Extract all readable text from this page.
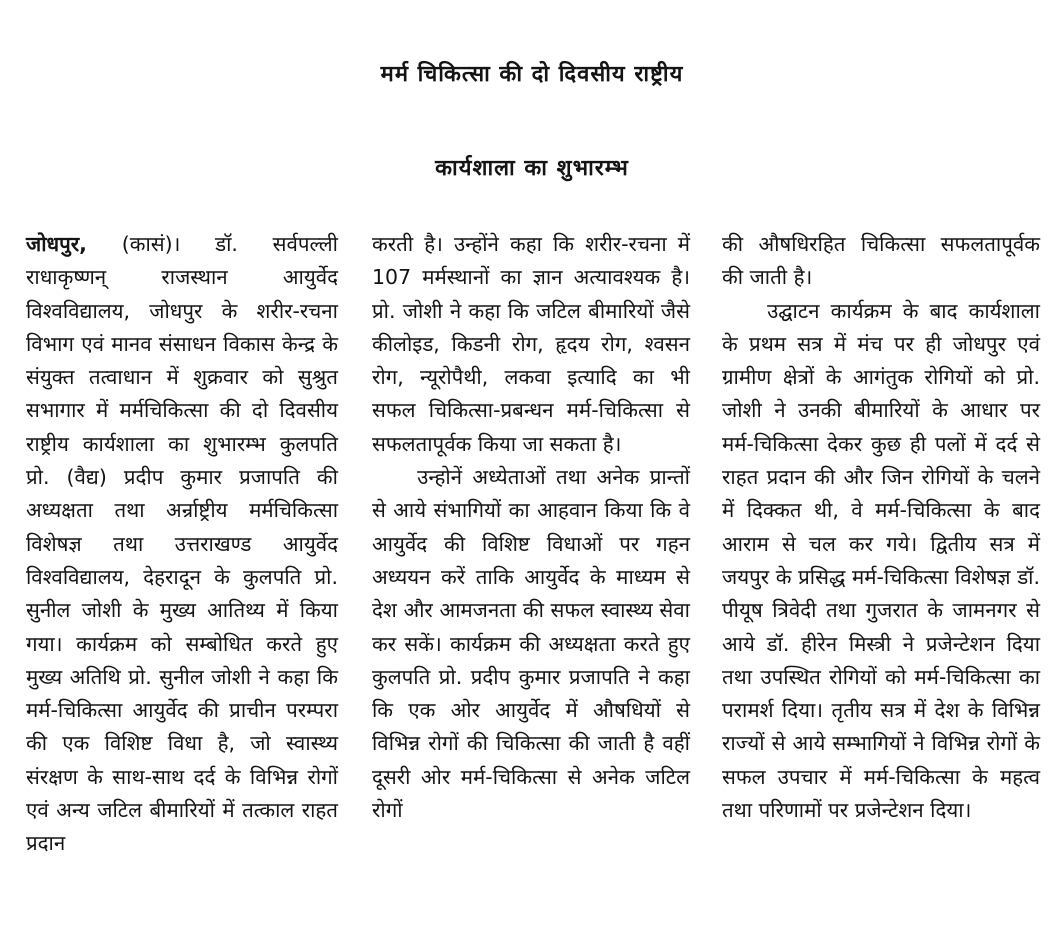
मर्म चिकित्सा की दो दिवसीय राष्ट्रीय
कार्यशाला का शुभारम्भ

जोधपुर, (कासं)। डॉ. सर्वपल्ली राधाकृष्णन् राजस्थान आयुर्वेद विश्वविद्यालय, जोधपुर के शरीर-रचना विभाग एवं मानव संसाधन विकास केन्द्र के संयुक्त तत्वाधान में शुक्रवार को सुश्रुत सभागार में मर्मचिकित्सा की दो दिवसीय राष्ट्रीय कार्यशाला का शुभारम्भ कुलपति प्रो. (वैद्य) प्रदीप कुमार प्रजापति की अध्यक्षता तथा अर्न्राष्ट्रीय मर्मचिकित्सा विशेषज्ञ तथा उत्तराखण्ड आयुर्वेद विश्वविद्यालय, देहरादून के कुलपति प्रो. सुनील जोशी के मुख्य आतिथ्य में किया गया। कार्यक्रम को सम्बोधित करते हुए मुख्य अतिथि प्रो. सुनील जोशी ने कहा कि मर्म-चिकित्सा आयुर्वेद की प्राचीन परम्परा की एक विशिष्ट विधा है, जो स्वास्थ्य संरक्षण के साथ-साथ दर्द के विभिन्न रोगों एवं अन्य जटिल बीमारियों में तत्काल राहत प्रदान

करती है। उन्होंने कहा कि शरीर-रचना में 107 मर्मस्थानों का ज्ञान अत्यावश्यक है। प्रो. जोशी ने कहा कि जटिल बीमारियों जैसे कीलोइड, किडनी रोग, हृदय रोग, श्वसन रोग, न्यूरोपैथी, लकवा इत्यादि का भी सफल चिकित्सा-प्रबन्धन मर्म-चिकित्सा से सफलतापूर्वक किया जा सकता है।

उन्होनें अध्येताओं तथा अनेक प्रान्तों से आये संभागियों का आहवान किया कि वे आयुर्वेद की विशिष्ट विधाओं पर गहन अध्ययन करें ताकि आयुर्वेद के माध्यम से देश और आमजनता की सफल स्वास्थ्य सेवा कर सकें। कार्यक्रम की अध्यक्षता करते हुए कुलपति प्रो. प्रदीप कुमार प्रजापति ने कहा कि एक ओर आयुर्वेद में औषधियों से विभिन्न रोगों की चिकित्सा की जाती है वहीं दूसरी ओर मर्म-चिकित्सा से अनेक जटिल रोगों

की औषधिरहित चिकित्सा सफलतापूर्वक की जाती है।

उद्घाटन कार्यक्रम के बाद कार्यशाला के प्रथम सत्र में मंच पर ही जोधपुर एवं ग्रामीण क्षेत्रों के आगंतुक रोगियों को प्रो. जोशी ने उनकी बीमारियों के आधार पर मर्म-चिकित्सा देकर कुछ ही पलों में दर्द से राहत प्रदान की और जिन रोगियों के चलने में दिक्कत थी, वे मर्म-चिकित्सा के बाद आराम से चल कर गये। द्वितीय सत्र में जयपुर के प्रसिद्ध मर्म-चिकित्सा विशेषज्ञ डॉ. पीयूष त्रिवेदी तथा गुजरात के जामनगर से आये डॉ. हीरेन मिस्त्री ने प्रजेन्टेशन दिया तथा उपस्थित रोगियों को मर्म-चिकित्सा का परामर्श दिया। तृतीय सत्र में देश के विभिन्न राज्यों से आये सम्भागियों ने विभिन्न रोगों के सफल उपचार में मर्म-चिकित्सा के महत्व तथा परिणामों पर प्रजेन्टेशन दिया।
